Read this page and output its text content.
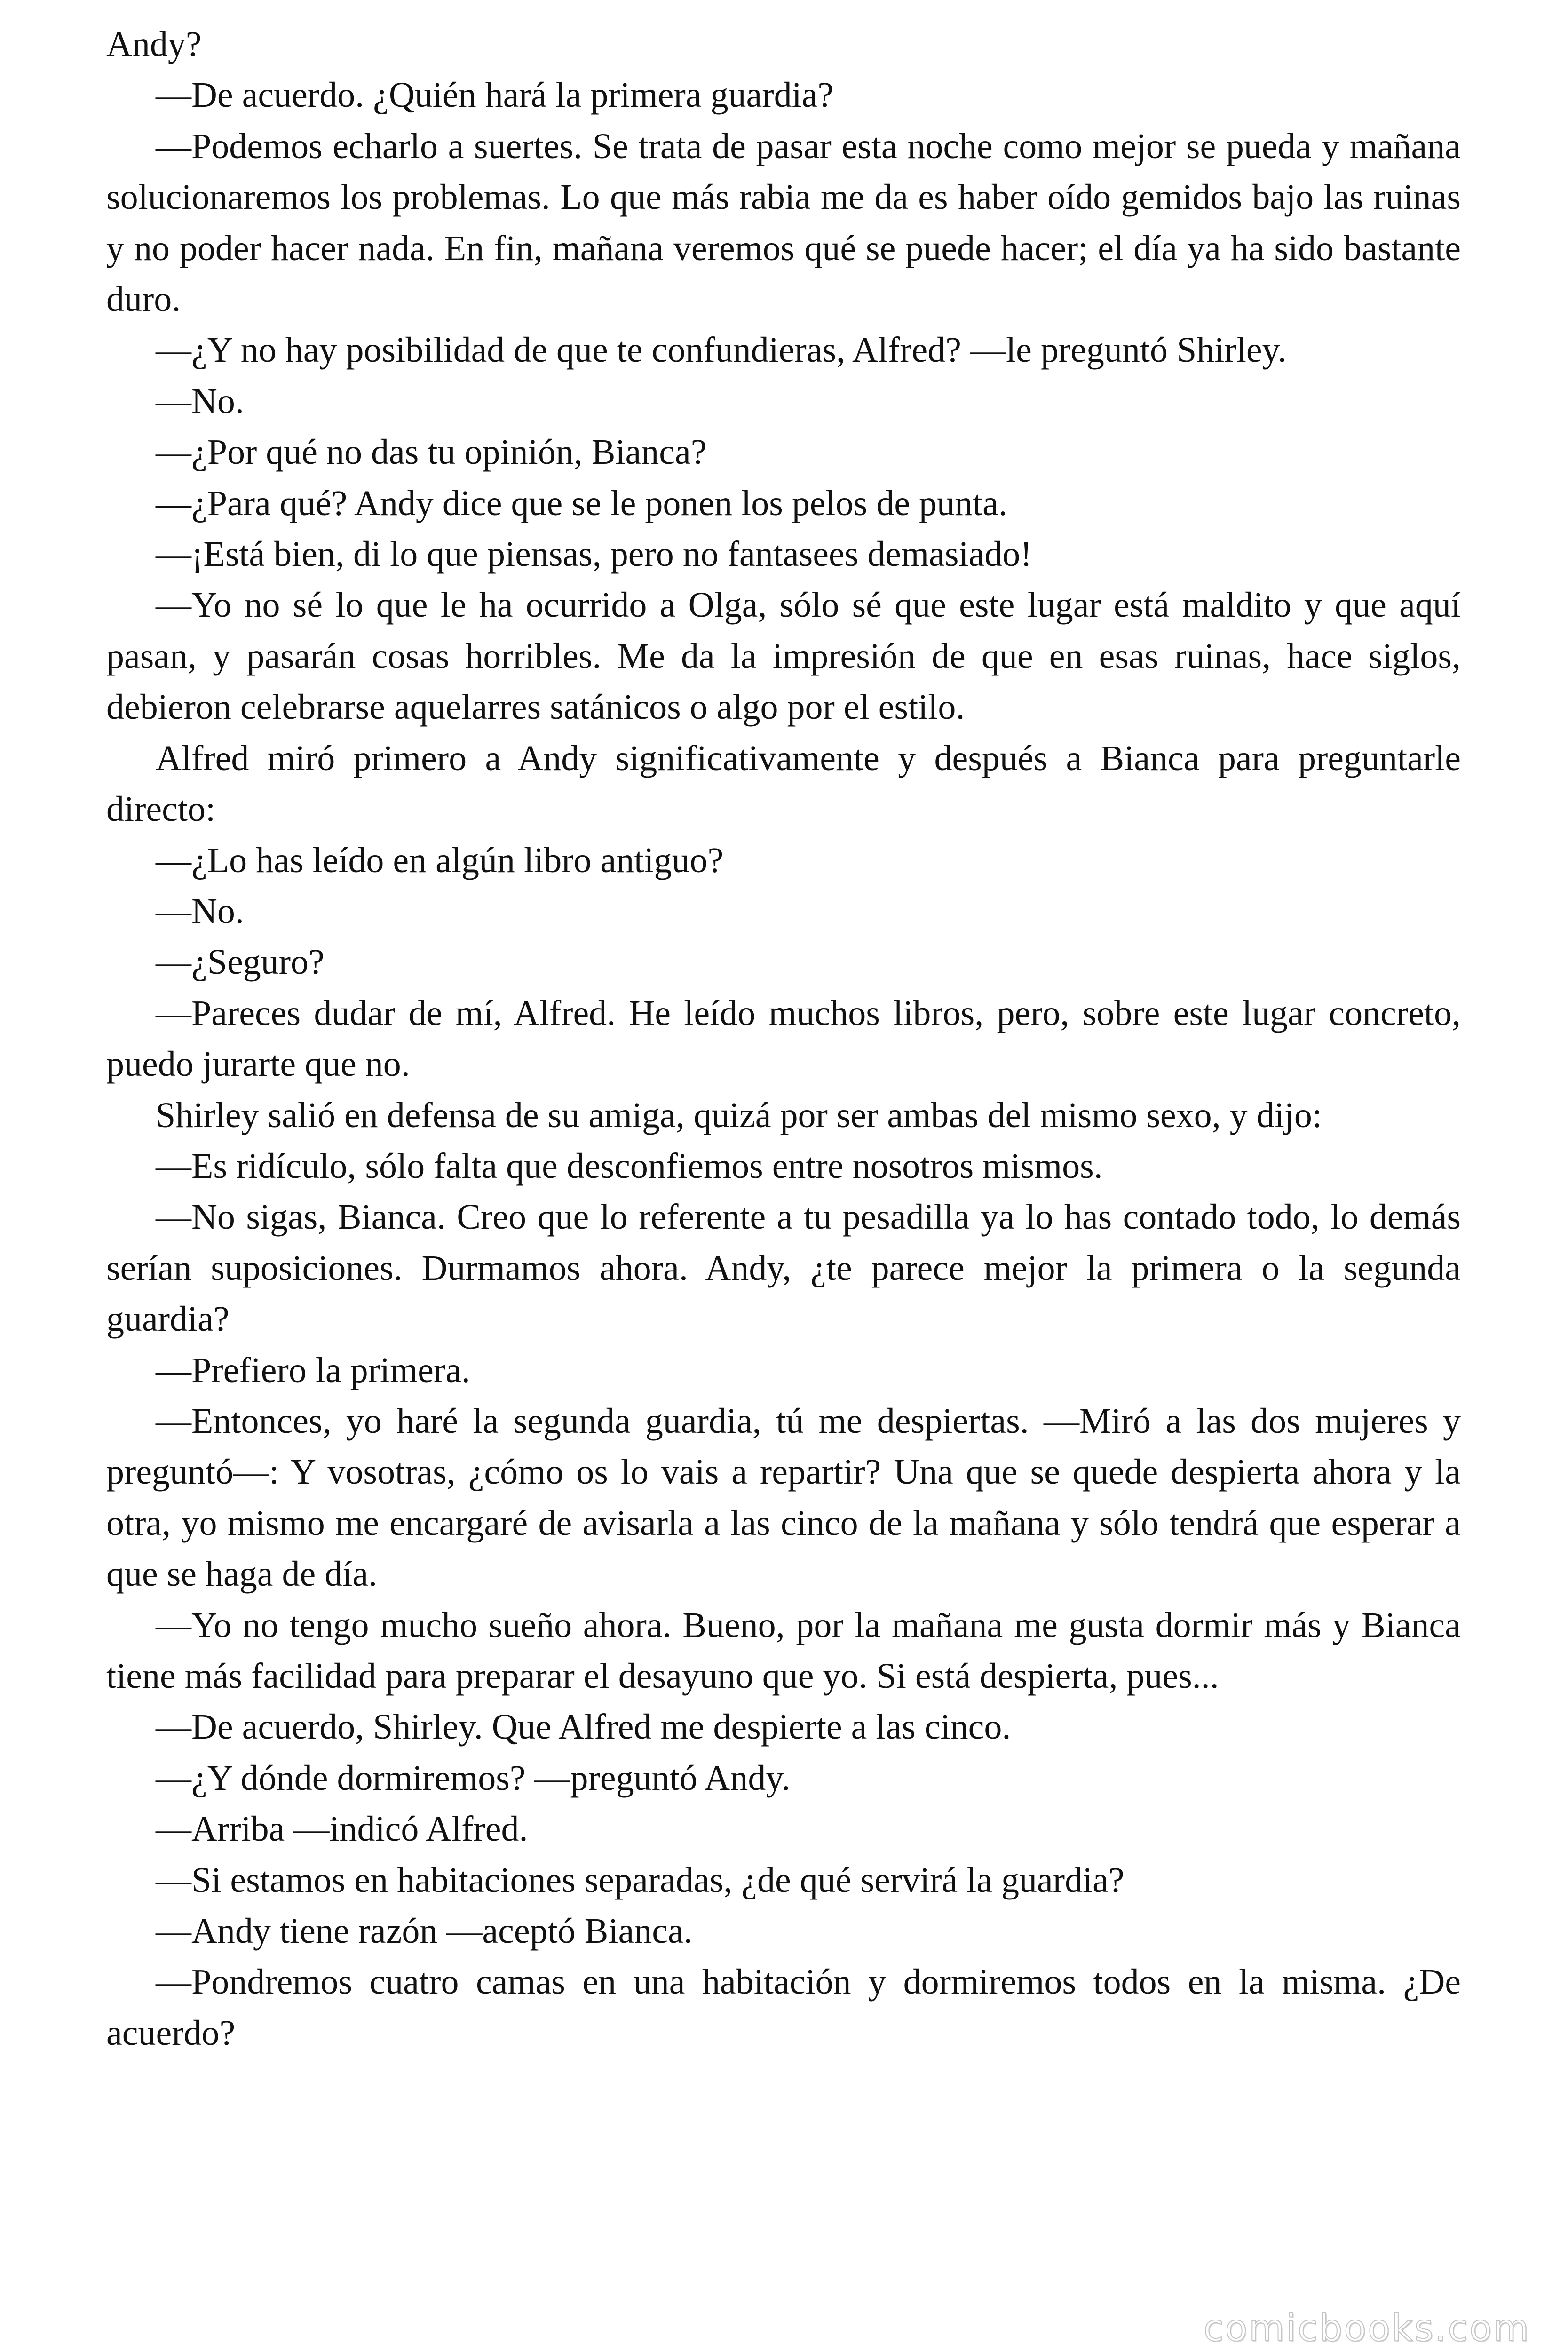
Andy?

—De acuerdo. ¿Quién hará la primera guardia?

—Podemos echarlo a suertes. Se trata de pasar esta noche como mejor se pueda y mañana solucionaremos los problemas. Lo que más rabia me da es haber oído gemidos bajo las ruinas y no poder hacer nada. En fin, mañana veremos qué se puede hacer; el día ya ha sido bastante duro.

—¿Y no hay posibilidad de que te confundieras, Alfred? —le preguntó Shirley.

—No.

—¿Por qué no das tu opinión, Bianca?

—¿Para qué? Andy dice que se le ponen los pelos de punta.

—¡Está bien, di lo que piensas, pero no fantasees demasiado!

—Yo no sé lo que le ha ocurrido a Olga, sólo sé que este lugar está maldito y que aquí pasan, y pasarán cosas horribles. Me da la impresión de que en esas ruinas, hace siglos, debieron celebrarse aquelarres satánicos o algo por el estilo.

Alfred miró primero a Andy significativamente y después a Bianca para preguntarle directo:

—¿Lo has leído en algún libro antiguo?

—No.

—¿Seguro?

—Pareces dudar de mí, Alfred. He leído muchos libros, pero, sobre este lugar concreto, puedo jurarte que no.

Shirley salió en defensa de su amiga, quizá por ser ambas del mismo sexo, y dijo:

—Es ridículo, sólo falta que desconfiemos entre nosotros mismos.

—No sigas, Bianca. Creo que lo referente a tu pesadilla ya lo has contado todo, lo demás serían suposiciones. Durmamos ahora. Andy, ¿te parece mejor la primera o la segunda guardia?

—Prefiero la primera.

—Entonces, yo haré la segunda guardia, tú me despiertas. —Miró a las dos mujeres y preguntó—: Y vosotras, ¿cómo os lo vais a repartir? Una que se quede despierta ahora y la otra, yo mismo me encargaré de avisarla a las cinco de la mañana y sólo tendrá que esperar a que se haga de día.

—Yo no tengo mucho sueño ahora. Bueno, por la mañana me gusta dormir más y Bianca tiene más facilidad para preparar el desayuno que yo. Si está despierta, pues...

—De acuerdo, Shirley. Que Alfred me despierte a las cinco.

—¿Y dónde dormiremos? —preguntó Andy.

—Arriba —indicó Alfred.

—Si estamos en habitaciones separadas, ¿de qué servirá la guardia?

—Andy tiene razón —aceptó Bianca.

—Pondremos cuatro camas en una habitación y dormiremos todos en la misma. ¿De acuerdo?

comicbooks.com
